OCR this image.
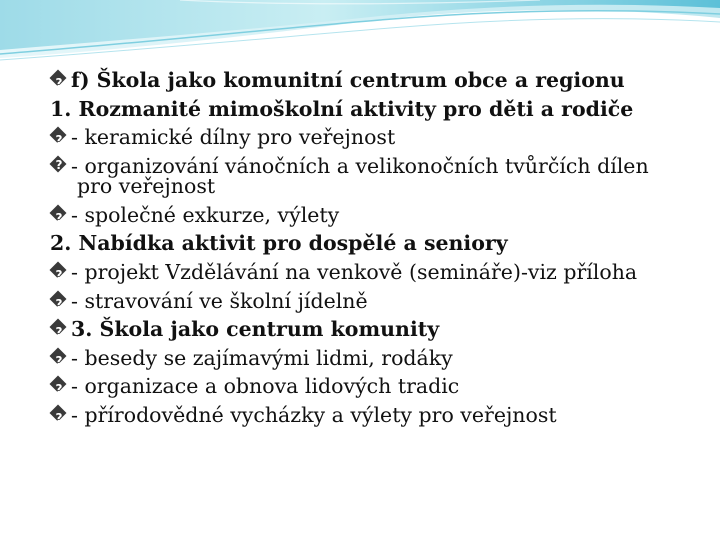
?f) Škola jako komunitní centrum obce a regionu
1. Rozmanité mimoškolní aktivity pro děti a rodiče
?- keramické dílny pro veřejnost
?- organizování vánočních a velikonočních tvůrčích dílen
pro veřejnost
?- společné exkurze, výlety
2. Nabídka aktivit pro dospělé a seniory
?- projekt Vzdělávání na venkově (semináře)-viz příloha
?- stravování ve školní jídelně
?3. Škola jako centrum komunity
?- besedy se zajímavými lidmi, rodáky
?- organizace a obnova lidových tradic
?- přírodovědné vycházky a výlety pro veřejnost
